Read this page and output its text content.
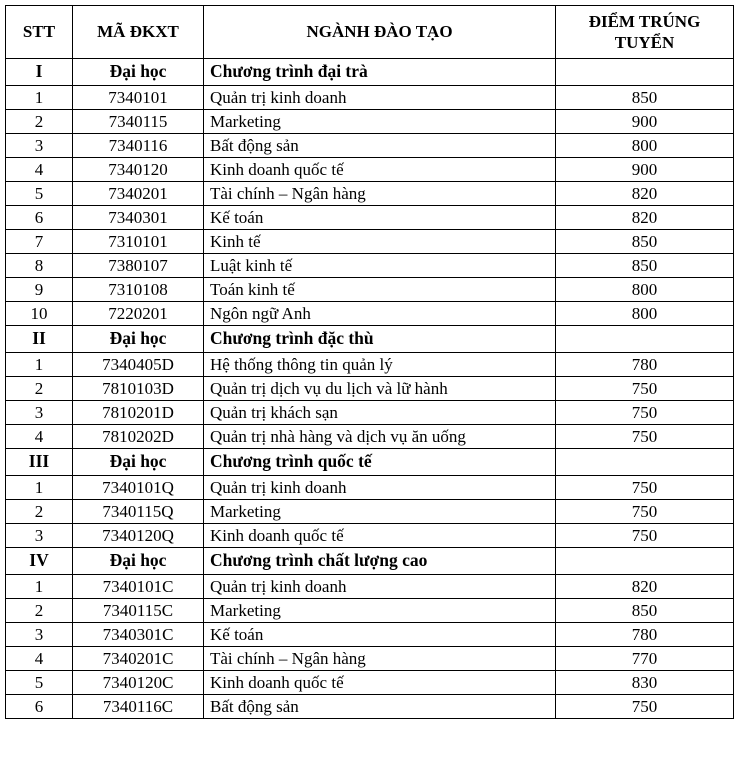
STT	MÃ ĐKXT	NGÀNH ĐÀO TẠO	ĐIỂM TRÚNG TUYỂN
I	Đại học	Chương trình đại trà	
1	7340101	Quản trị kinh doanh	850
2	7340115	Marketing	900
3	7340116	Bất động sản	800
4	7340120	Kinh doanh quốc tế	900
5	7340201	Tài chính – Ngân hàng	820
6	7340301	Kế toán	820
7	7310101	Kinh tế	850
8	7380107	Luật kinh tế	850
9	7310108	Toán kinh tế	800
10	7220201	Ngôn ngữ Anh	800
II	Đại học	Chương trình đặc thù	
1	7340405D	Hệ thống thông tin quản lý	780
2	7810103D	Quản trị dịch vụ du lịch và lữ hành	750
3	7810201D	Quản trị khách sạn	750
4	7810202D	Quản trị nhà hàng và dịch vụ ăn uống	750
III	Đại học	Chương trình quốc tế	
1	7340101Q	Quản trị kinh doanh	750
2	7340115Q	Marketing	750
3	7340120Q	Kinh doanh quốc tế	750
IV	Đại học	Chương trình chất lượng cao	
1	7340101C	Quản trị kinh doanh	820
2	7340115C	Marketing	850
3	7340301C	Kế toán	780
4	7340201C	Tài chính – Ngân hàng	770
5	7340120C	Kinh doanh quốc tế	830
6	7340116C	Bất động sản	750
